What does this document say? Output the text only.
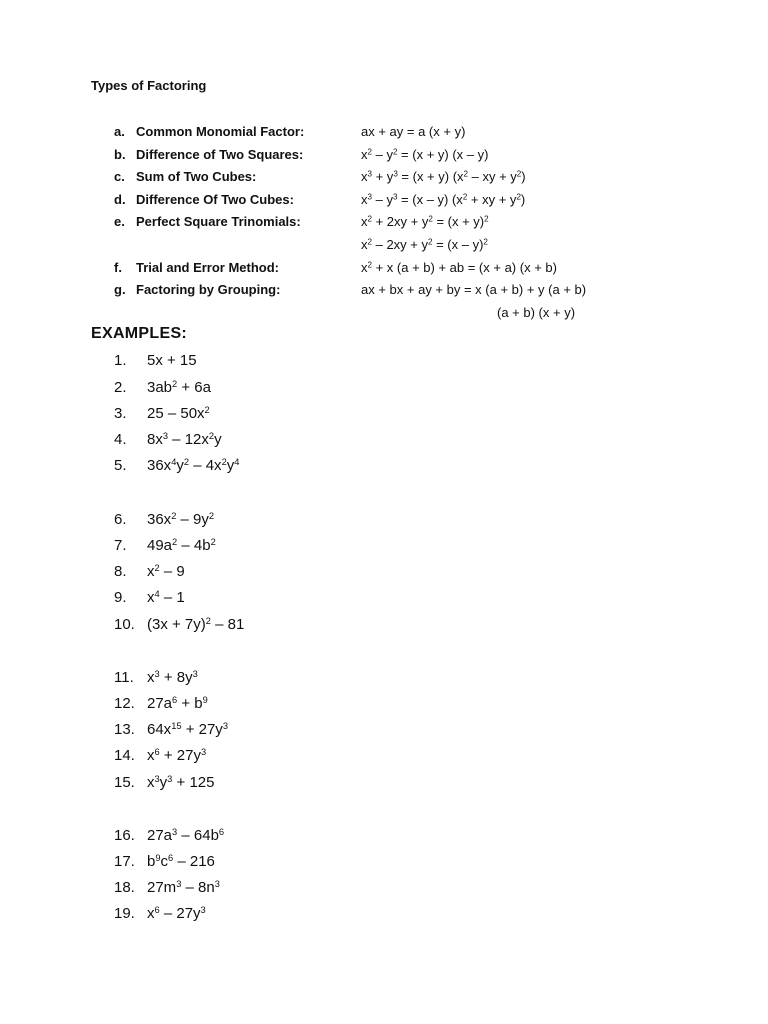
Types of Factoring
a. Common Monomial Factor:	ax + ay = a (x + y)
b. Difference of Two Squares:	$x^2 - y^2 = (x + y)$ (x – y)
c. Sum of Two Cubes:	$x^3 + y^3 = (x + y)$ ($x^2$ – xy + $y^2$)
d. Difference Of Two Cubes:	$x^3 - y^3 = (x - y) (x^2$ + xy + $y^2$)
e. Perfect Square Trinomials:	$x^2 + 2xy + y^2 = (x + y)^2$
$x^2 - 2xy + y^2 = (x - y)^2$
f. Trial and Error Method:	$x^2 + x$ (a + b) + ab = (x + a) (x + b)
g. Factoring by Grouping:	ax + bx + ay + by = x (a + b) + y (a + b)
(a + b) (x + y)
EXAMPLES:
1. 5x + 15
2. $3ab^2 + 6a$
3. $25 - 50x^2$
4. $8x^3 - 12x^2y$
5. $36x^4y^2 - 4x^2y^4$
6. $36x^2 - 9y^2$
7. $49a^2 - 4b^2$
8. $x^2 - 9$
9. $x^4 - 1$
10. $(3x + 7y)^2 - 81$
11. $x^3 + 8y^3$
12. $27a^6 + b^9$
13. $64x^{15} + 27y^3$
14. $x^6 + 27y^3$
15. $x^3y^3 + 125$
16. $27a^3 - 64b^6$
17. $b^9c^6 - 216$
18. $27m^3 - 8n^3$
19. $x^6 - 27y^3$
